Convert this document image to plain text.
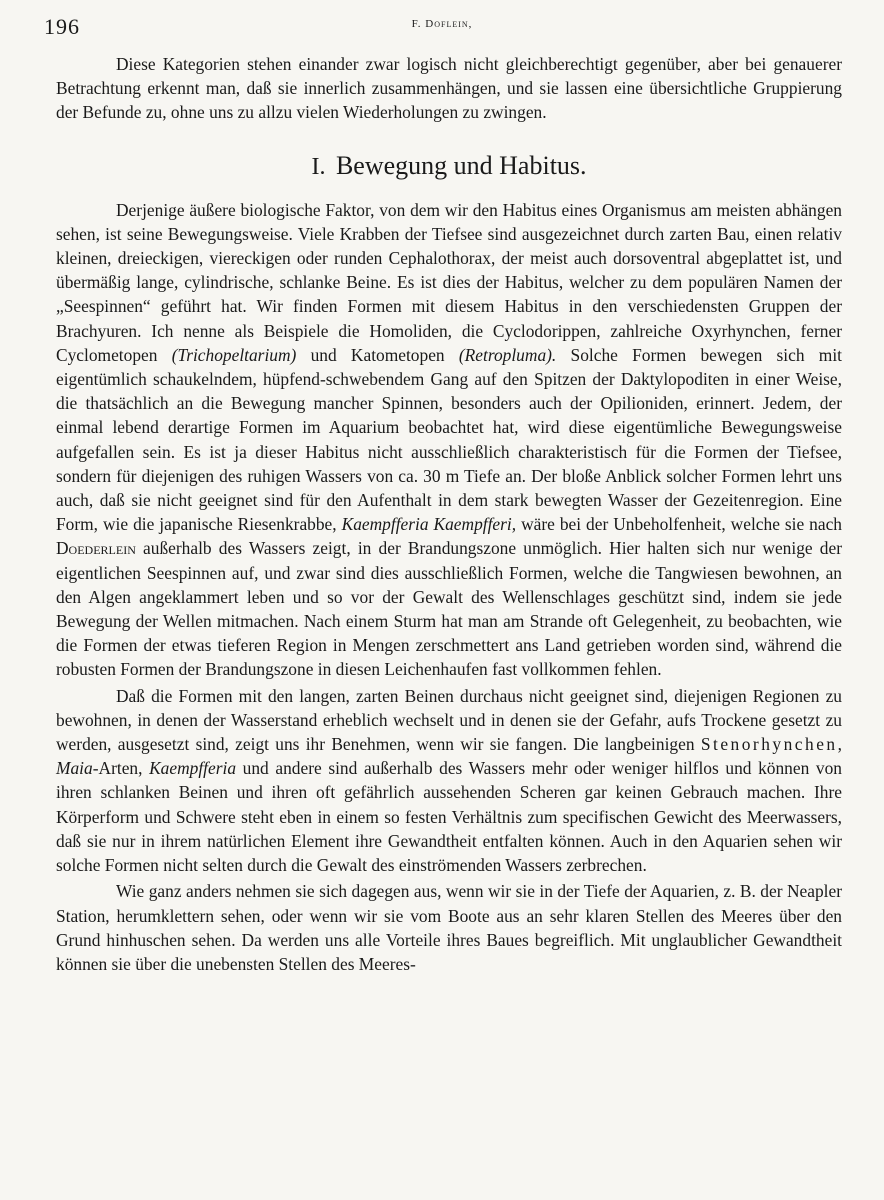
196	F. Doflein,

Diese Kategorien stehen einander zwar logisch nicht gleichberechtigt gegenüber, aber bei genauerer Betrachtung erkennt man, daß sie innerlich zusammenhängen, und sie lassen eine übersichtliche Gruppierung der Befunde zu, ohne uns zu allzu vielen Wiederholungen zu zwingen.

I. Bewegung und Habitus.

Derjenige äußere biologische Faktor, von dem wir den Habitus eines Organismus am meisten abhängen sehen, ist seine Bewegungsweise. Viele Krabben der Tiefsee sind ausgezeichnet durch zarten Bau, einen relativ kleinen, dreieckigen, viereckigen oder runden Cephalothorax, der meist auch dorsoventral abgeplattet ist, und übermäßig lange, cylindrische, schlanke Beine. Es ist dies der Habitus, welcher zu dem populären Namen der „Seespinnen“ geführt hat. Wir finden Formen mit diesem Habitus in den verschiedensten Gruppen der Brachyuren. Ich nenne als Beispiele die Homoliden, die Cyclodorippen, zahlreiche Oxyrhynchen, ferner Cyclometopen (Trichopeltarium) und Katometopen (Retropluma). Solche Formen bewegen sich mit eigentümlich schaukelndem, hüpfend-schwebendem Gang auf den Spitzen der Daktylopoditen in einer Weise, die thatsächlich an die Bewegung mancher Spinnen, besonders auch der Opilioniden, erinnert. Jedem, der einmal lebend derartige Formen im Aquarium beobachtet hat, wird diese eigentümliche Bewegungsweise aufgefallen sein. Es ist ja dieser Habitus nicht ausschließlich charakteristisch für die Formen der Tiefsee, sondern für diejenigen des ruhigen Wassers von ca. 30 m Tiefe an. Der bloße Anblick solcher Formen lehrt uns auch, daß sie nicht geeignet sind für den Aufenthalt in dem stark bewegten Wasser der Gezeitenregion. Eine Form, wie die japanische Riesenkrabbe, Kaempfferia Kaempfferi, wäre bei der Unbeholfenheit, welche sie nach Doederlein außerhalb des Wassers zeigt, in der Brandungszone unmöglich. Hier halten sich nur wenige der eigentlichen Seespinnen auf, und zwar sind dies ausschließlich Formen, welche die Tangwiesen bewohnen, an den Algen angeklammert leben und so vor der Gewalt des Wellenschlages geschützt sind, indem sie jede Bewegung der Wellen mitmachen. Nach einem Sturm hat man am Strande oft Gelegenheit, zu beobachten, wie die Formen der etwas tieferen Region in Mengen zerschmettert ans Land getrieben worden sind, während die robusten Formen der Brandungszone in diesen Leichenhaufen fast vollkommen fehlen.

Daß die Formen mit den langen, zarten Beinen durchaus nicht geeignet sind, diejenigen Regionen zu bewohnen, in denen der Wasserstand erheblich wechselt und in denen sie der Gefahr, aufs Trockene gesetzt zu werden, ausgesetzt sind, zeigt uns ihr Benehmen, wenn wir sie fangen. Die langbeinigen Stenorhynchen, Maia-Arten, Kaempfferia und andere sind außerhalb des Wassers mehr oder weniger hilflos und können von ihren schlanken Beinen und ihren oft gefährlich aussehenden Scheren gar keinen Gebrauch machen. Ihre Körperform und Schwere steht eben in einem so festen Verhältnis zum specifischen Gewicht des Meerwassers, daß sie nur in ihrem natürlichen Element ihre Gewandtheit entfalten können. Auch in den Aquarien sehen wir solche Formen nicht selten durch die Gewalt des einströmenden Wassers zerbrechen.

Wie ganz anders nehmen sie sich dagegen aus, wenn wir sie in der Tiefe der Aquarien, z. B. der Neapler Station, herumklettern sehen, oder wenn wir sie vom Boote aus an sehr klaren Stellen des Meeres über den Grund hinhuschen sehen. Da werden uns alle Vorteile ihres Baues begreiflich. Mit unglaublicher Gewandtheit können sie über die unebensten Stellen des Meeres-
